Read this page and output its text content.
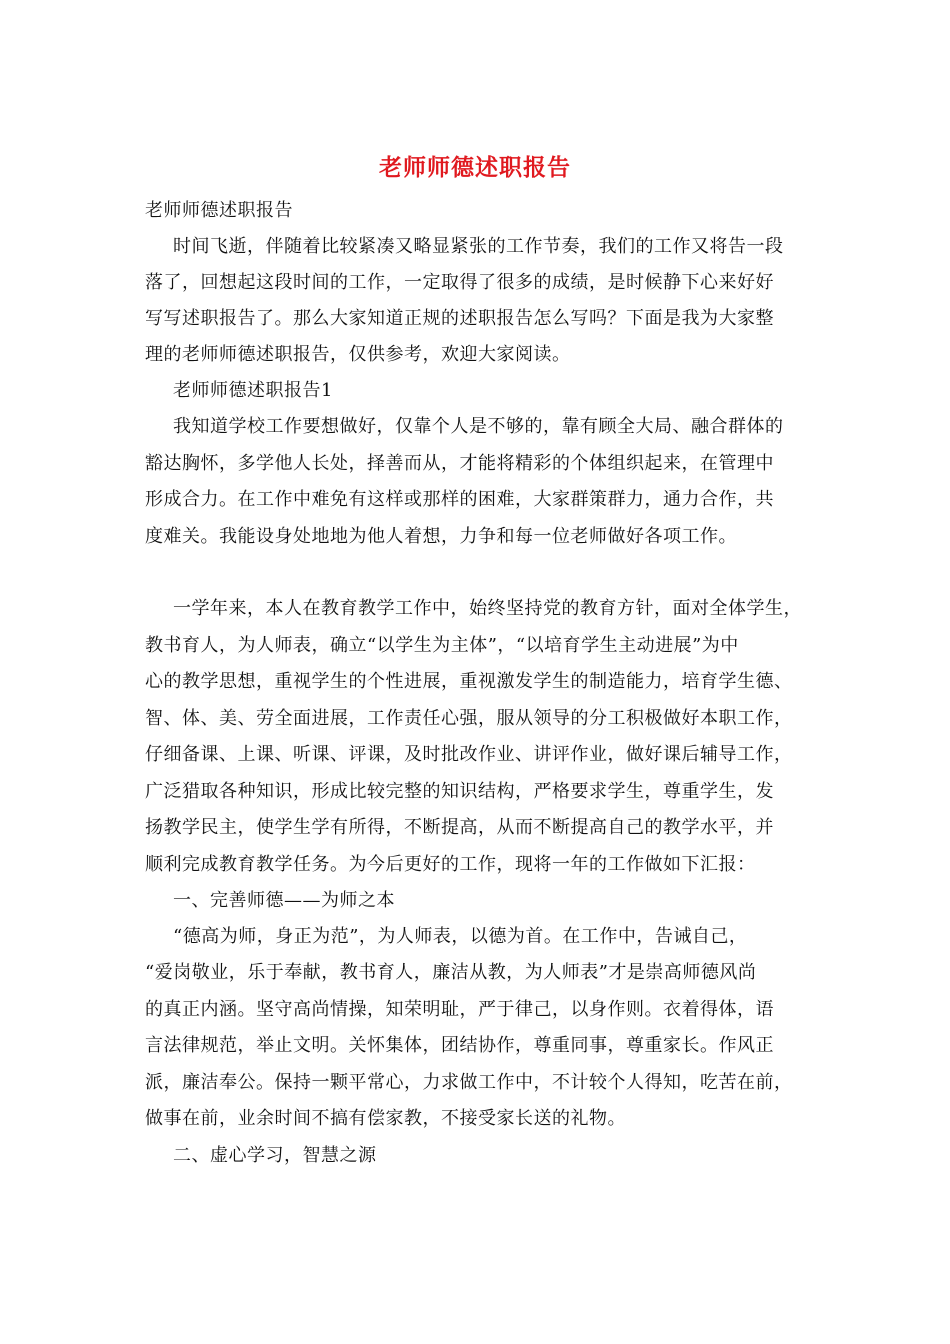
老师师德述职报告
老师师德述职报告
时间飞逝，伴随着比较紧凑又略显紧张的工作节奏，我们的工作又将告一段
落了，回想起这段时间的工作，一定取得了很多的成绩，是时候静下心来好好
写写述职报告了。那么大家知道正规的述职报告怎么写吗？下面是我为大家整
理的老师师德述职报告，仅供参考，欢迎大家阅读。
老师师德述职报告1
我知道学校工作要想做好，仅靠个人是不够的，靠有顾全大局、融合群体的
豁达胸怀，多学他人长处，择善而从，才能将精彩的个体组织起来，在管理中
形成合力。在工作中难免有这样或那样的困难，大家群策群力，通力合作，共
度难关。我能设身处地地为他人着想，力争和每一位老师做好各项工作。
一学年来，本人在教育教学工作中，始终坚持党的教育方针，面对全体学生，
教书育人，为人师表，确立“以学生为主体”，“以培育学生主动进展”为中
心的教学思想，重视学生的个性进展，重视激发学生的制造能力，培育学生德、
智、体、美、劳全面进展，工作责任心强，服从领导的分工积极做好本职工作，
仔细备课、上课、听课、评课，及时批改作业、讲评作业，做好课后辅导工作，
广泛猎取各种知识，形成比较完整的知识结构，严格要求学生，尊重学生，发
扬教学民主，使学生学有所得，不断提高，从而不断提高自己的教学水平，并
顺利完成教育教学任务。为今后更好的工作，现将一年的工作做如下汇报：
一、完善师德——为师之本
“德高为师，身正为范”，为人师表，以德为首。在工作中，告诫自己，
“爱岗敬业，乐于奉献，教书育人，廉洁从教，为人师表”才是崇高师德风尚
的真正内涵。坚守高尚情操，知荣明耻，严于律己，以身作则。衣着得体，语
言法律规范，举止文明。关怀集体，团结协作，尊重同事，尊重家长。作风正
派，廉洁奉公。保持一颗平常心，力求做工作中，不计较个人得知，吃苦在前，
做事在前，业余时间不搞有偿家教，不接受家长送的礼物。
二、虚心学习，智慧之源
